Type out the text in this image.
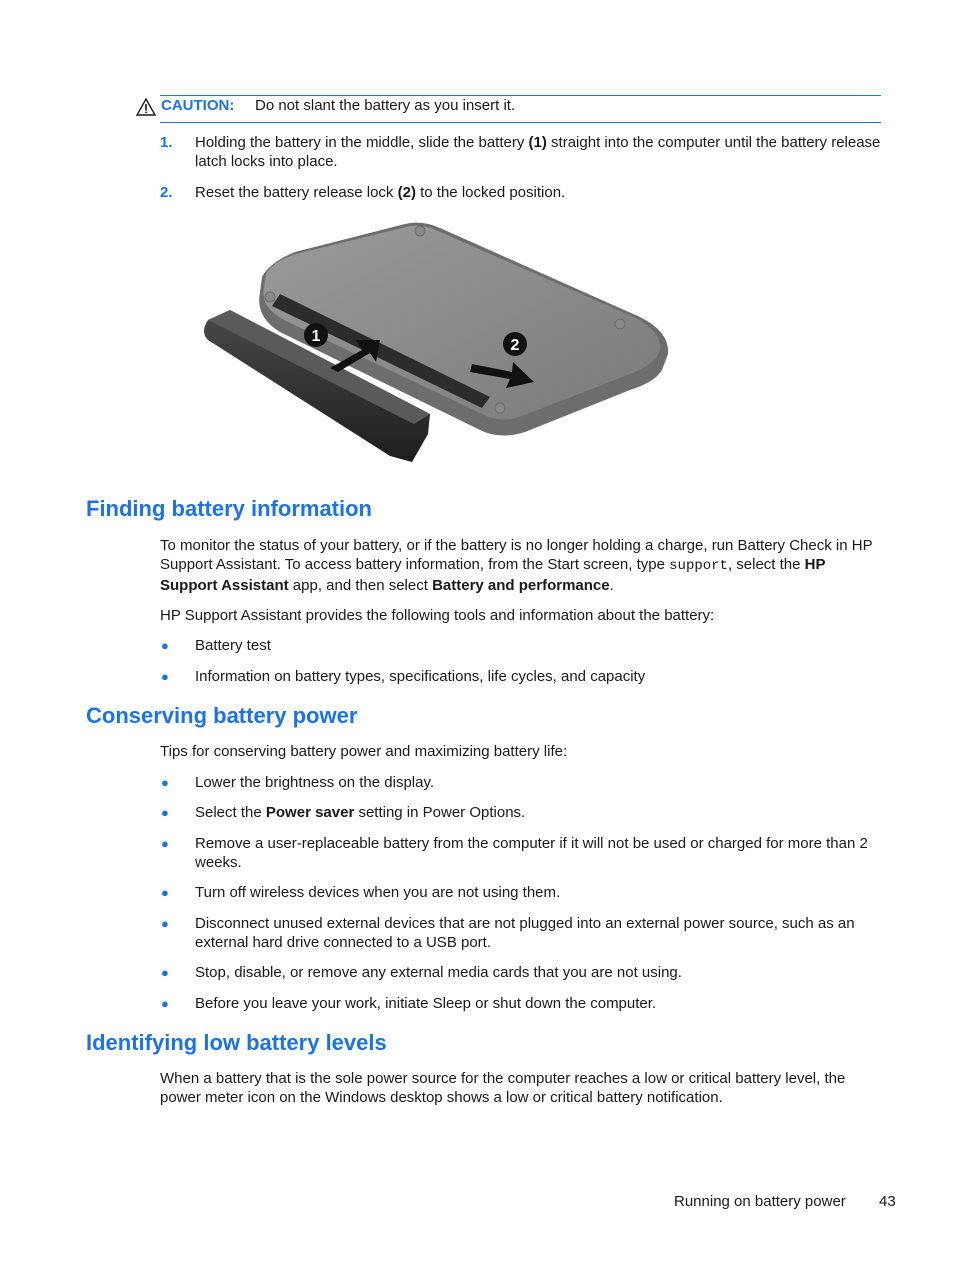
CAUTION: Do not slant the battery as you insert it.
1. Holding the battery in the middle, slide the battery (1) straight into the computer until the battery release latch locks into place.
2. Reset the battery release lock (2) to the locked position.
1
2
Finding battery information
To monitor the status of your battery, or if the battery is no longer holding a charge, run Battery Check in HP Support Assistant. To access battery information, from the Start screen, type support, select the HP Support Assistant app, and then select Battery and performance.
HP Support Assistant provides the following tools and information about the battery:
● Battery test
● Information on battery types, specifications, life cycles, and capacity
Conserving battery power
Tips for conserving battery power and maximizing battery life:
● Lower the brightness on the display.
● Select the Power saver setting in Power Options.
● Remove a user-replaceable battery from the computer if it will not be used or charged for more than 2 weeks.
● Turn off wireless devices when you are not using them.
● Disconnect unused external devices that are not plugged into an external power source, such as an external hard drive connected to a USB port.
● Stop, disable, or remove any external media cards that you are not using.
● Before you leave your work, initiate Sleep or shut down the computer.
Identifying low battery levels
When a battery that is the sole power source for the computer reaches a low or critical battery level, the power meter icon on the Windows desktop shows a low or critical battery notification.
Running on battery power 43
